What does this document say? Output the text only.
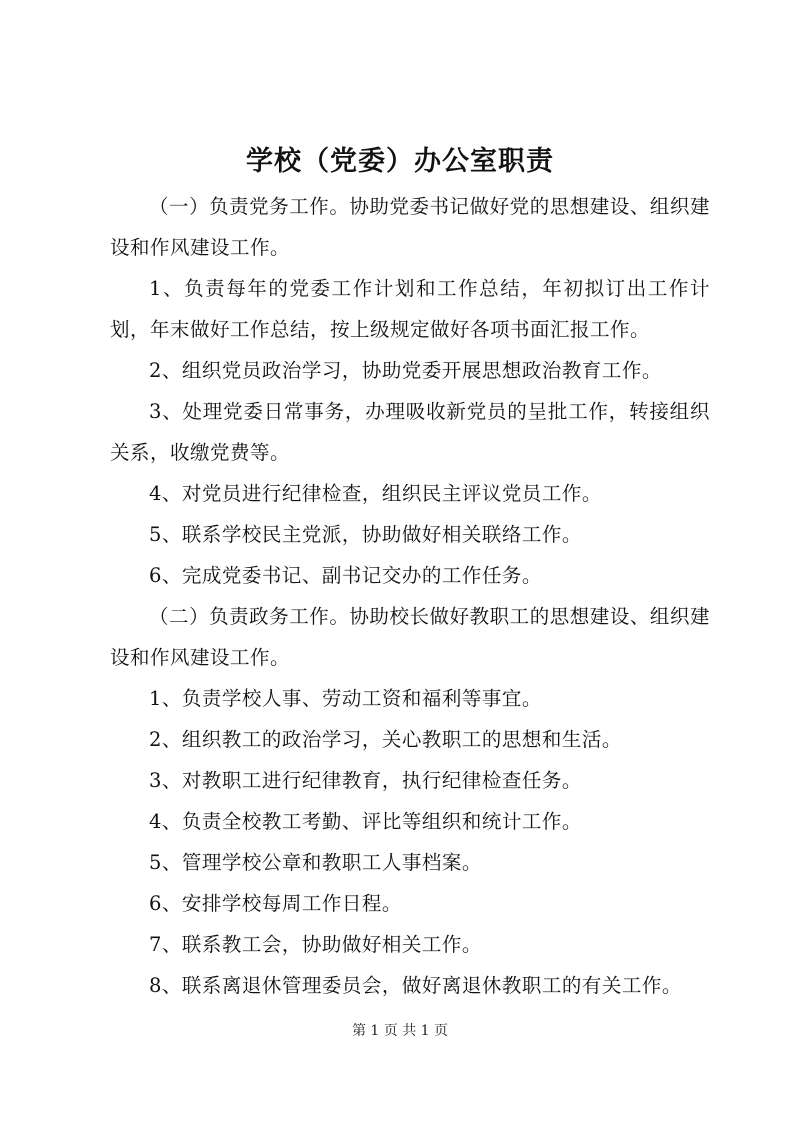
学校（党委）办公室职责

（一）负责党务工作。协助党委书记做好党的思想建设、组织建设和作风建设工作。

1、负责每年的党委工作计划和工作总结，年初拟订出工作计划，年末做好工作总结，按上级规定做好各项书面汇报工作。

2、组织党员政治学习，协助党委开展思想政治教育工作。

3、处理党委日常事务，办理吸收新党员的呈批工作，转接组织关系，收缴党费等。

4、对党员进行纪律检查，组织民主评议党员工作。

5、联系学校民主党派，协助做好相关联络工作。

6、完成党委书记、副书记交办的工作任务。

（二）负责政务工作。协助校长做好教职工的思想建设、组织建设和作风建设工作。

1、负责学校人事、劳动工资和福利等事宜。

2、组织教工的政治学习，关心教职工的思想和生活。

3、对教职工进行纪律教育，执行纪律检查任务。

4、负责全校教工考勤、评比等组织和统计工作。

5、管理学校公章和教职工人事档案。

6、安排学校每周工作日程。

7、联系教工会，协助做好相关工作。

8、联系离退休管理委员会，做好离退休教职工的有关工作。

第 1 页 共 1 页
